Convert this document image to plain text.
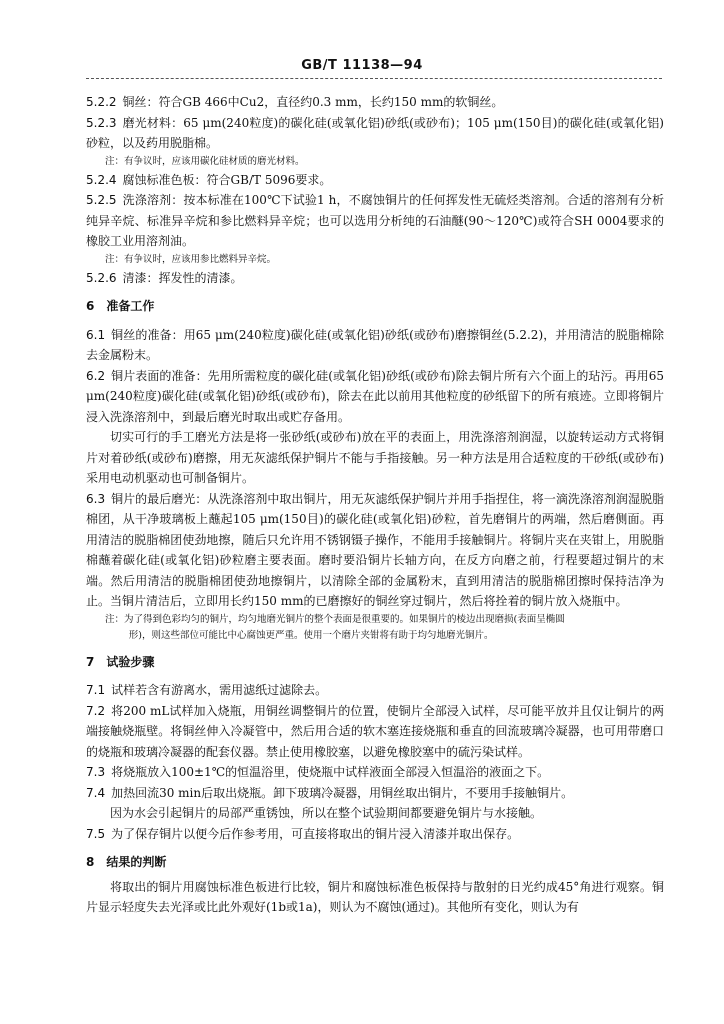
GB/T 11138—94

5.2.2 铜丝：符合GB 466中Cu2，直径约0.3 mm，长约150 mm的软铜丝。

5.2.3 磨光材料：65 μm(240粒度)的碳化硅(或氧化铝)砂纸(或砂布)；105 μm(150目)的碳化硅(或氧化铝)砂粒，以及药用脱脂棉。

注：有争议时，应该用碳化硅材质的磨光材料。

5.2.4 腐蚀标准色板：符合GB/T 5096要求。

5.2.5 洗涤溶剂：按本标准在100℃下试验1 h，不腐蚀铜片的任何挥发性无硫烃类溶剂。合适的溶剂有分析纯异辛烷、标准异辛烷和参比燃料异辛烷；也可以选用分析纯的石油醚(90～120℃)或符合SH 0004要求的橡胶工业用溶剂油。

注：有争议时，应该用参比燃料异辛烷。

5.2.6 清漆：挥发性的清漆。

6 准备工作

6.1 铜丝的准备：用65 μm(240粒度)碳化硅(或氧化铝)砂纸(或砂布)磨擦铜丝(5.2.2)，并用清洁的脱脂棉除去金属粉末。

6.2 铜片表面的准备：先用所需粒度的碳化硅(或氧化铝)砂纸(或砂布)除去铜片所有六个面上的玷污。再用65 μm(240粒度)碳化硅(或氧化铝)砂纸(或砂布)，除去在此以前用其他粒度的砂纸留下的所有痕迹。立即将铜片浸入洗涤溶剂中，到最后磨光时取出或贮存备用。

切实可行的手工磨光方法是将一张砂纸(或砂布)放在平的表面上，用洗涤溶剂润湿，以旋转运动方式将铜片对着砂纸(或砂布)磨擦，用无灰滤纸保护铜片不能与手指接触。另一种方法是用合适粒度的干砂纸(或砂布)采用电动机驱动也可制备铜片。

6.3 铜片的最后磨光：从洗涤溶剂中取出铜片，用无灰滤纸保护铜片并用手指捏住，将一滴洗涤溶剂润湿脱脂棉团，从干净玻璃板上蘸起105 μm(150目)的碳化硅(或氧化铝)砂粒，首先磨铜片的两端，然后磨侧面。再用清洁的脱脂棉团使劲地擦，随后只允许用不锈钢镊子操作，不能用手接触铜片。将铜片夹在夹钳上，用脱脂棉蘸着碳化硅(或氧化铝)砂粒磨主要表面。磨时要沿铜片长轴方向，在反方向磨之前，行程要超过铜片的末端。然后用清洁的脱脂棉团使劲地擦铜片，以清除全部的金属粉末，直到用清洁的脱脂棉团擦时保持洁净为止。当铜片清洁后，立即用长约150 mm的已磨擦好的铜丝穿过铜片，然后将拴着的铜片放入烧瓶中。

注：为了得到色彩均匀的铜片，均匀地磨光铜片的整个表面是很重要的。如果铜片的棱边出现磨损(表面呈椭圆

形)，则这些部位可能比中心腐蚀更严重。使用一个磨片夹钳将有助于均匀地磨光铜片。

7 试验步骤

7.1 试样若含有游离水，需用滤纸过滤除去。

7.2 将200 mL试样加入烧瓶，用铜丝调整铜片的位置，使铜片全部浸入试样，尽可能平放并且仅让铜片的两端接触烧瓶壁。将铜丝伸入冷凝管中，然后用合适的软木塞连接烧瓶和垂直的回流玻璃冷凝器，也可用带磨口的烧瓶和玻璃冷凝器的配套仪器。禁止使用橡胶塞，以避免橡胶塞中的硫污染试样。

7.3 将烧瓶放入100±1℃的恒温浴里，使烧瓶中试样液面全部浸入恒温浴的液面之下。

7.4 加热回流30 min后取出烧瓶。卸下玻璃冷凝器，用铜丝取出铜片，不要用手接触铜片。

因为水会引起铜片的局部严重锈蚀，所以在整个试验期间都要避免铜片与水接触。

7.5 为了保存铜片以便今后作参考用，可直接将取出的铜片浸入清漆并取出保存。

8 结果的判断

将取出的铜片用腐蚀标准色板进行比较，铜片和腐蚀标准色板保持与散射的日光约成45°角进行观察。铜片显示轻度失去光泽或比此外观好(1b或1a)，则认为不腐蚀(通过)。其他所有变化，则认为有
